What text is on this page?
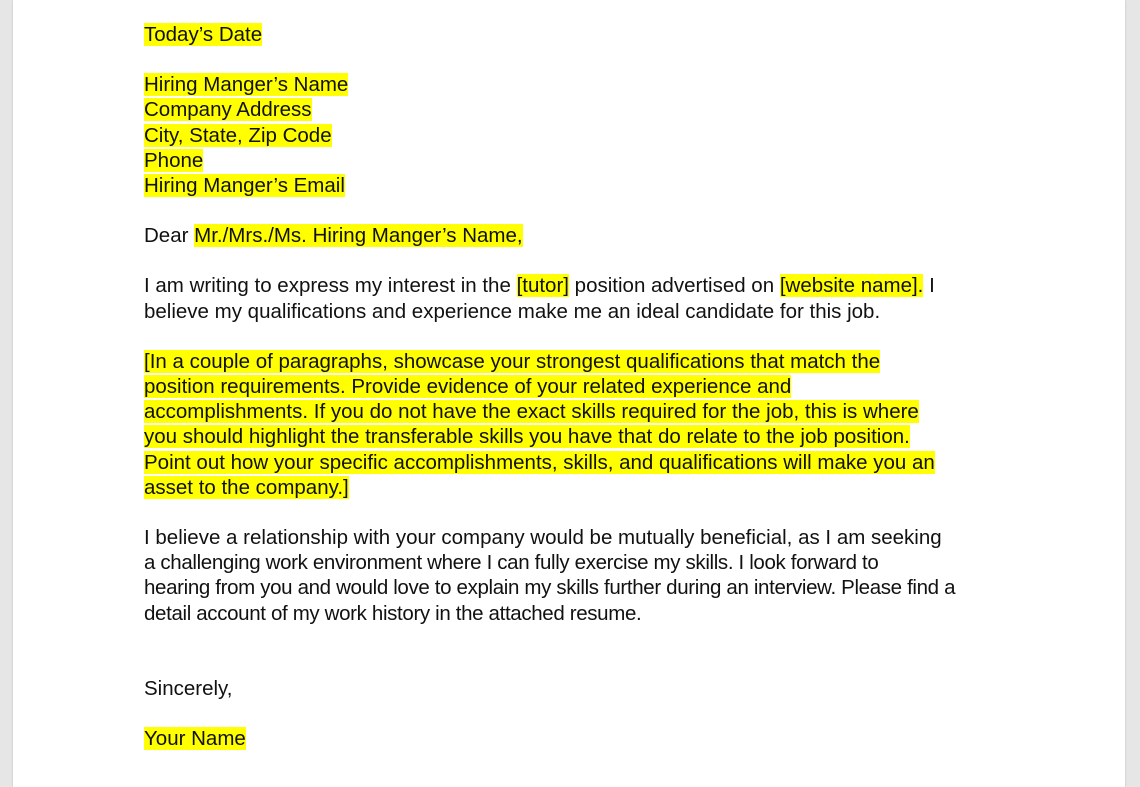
Today’s Date
Hiring Manger’s Name
Company Address
City, State, Zip Code
Phone
Hiring Manger’s Email
Dear Mr./Mrs./Ms. Hiring Manger’s Name,
I am writing to express my interest in the [tutor] position advertised on [website name]. I
believe my qualifications and experience make me an ideal candidate for this job.
[In a couple of paragraphs, showcase your strongest qualifications that match the
position requirements. Provide evidence of your related experience and
accomplishments. If you do not have the exact skills required for the job, this is where
you should highlight the transferable skills you have that do relate to the job position.
Point out how your specific accomplishments, skills, and qualifications will make you an
asset to the company.]
I believe a relationship with your company would be mutually beneficial, as I am seeking
a challenging work environment where I can fully exercise my skills. I look forward to
hearing from you and would love to explain my skills further during an interview. Please find a
detail account of my work history in the attached resume.
Sincerely,
Your Name
